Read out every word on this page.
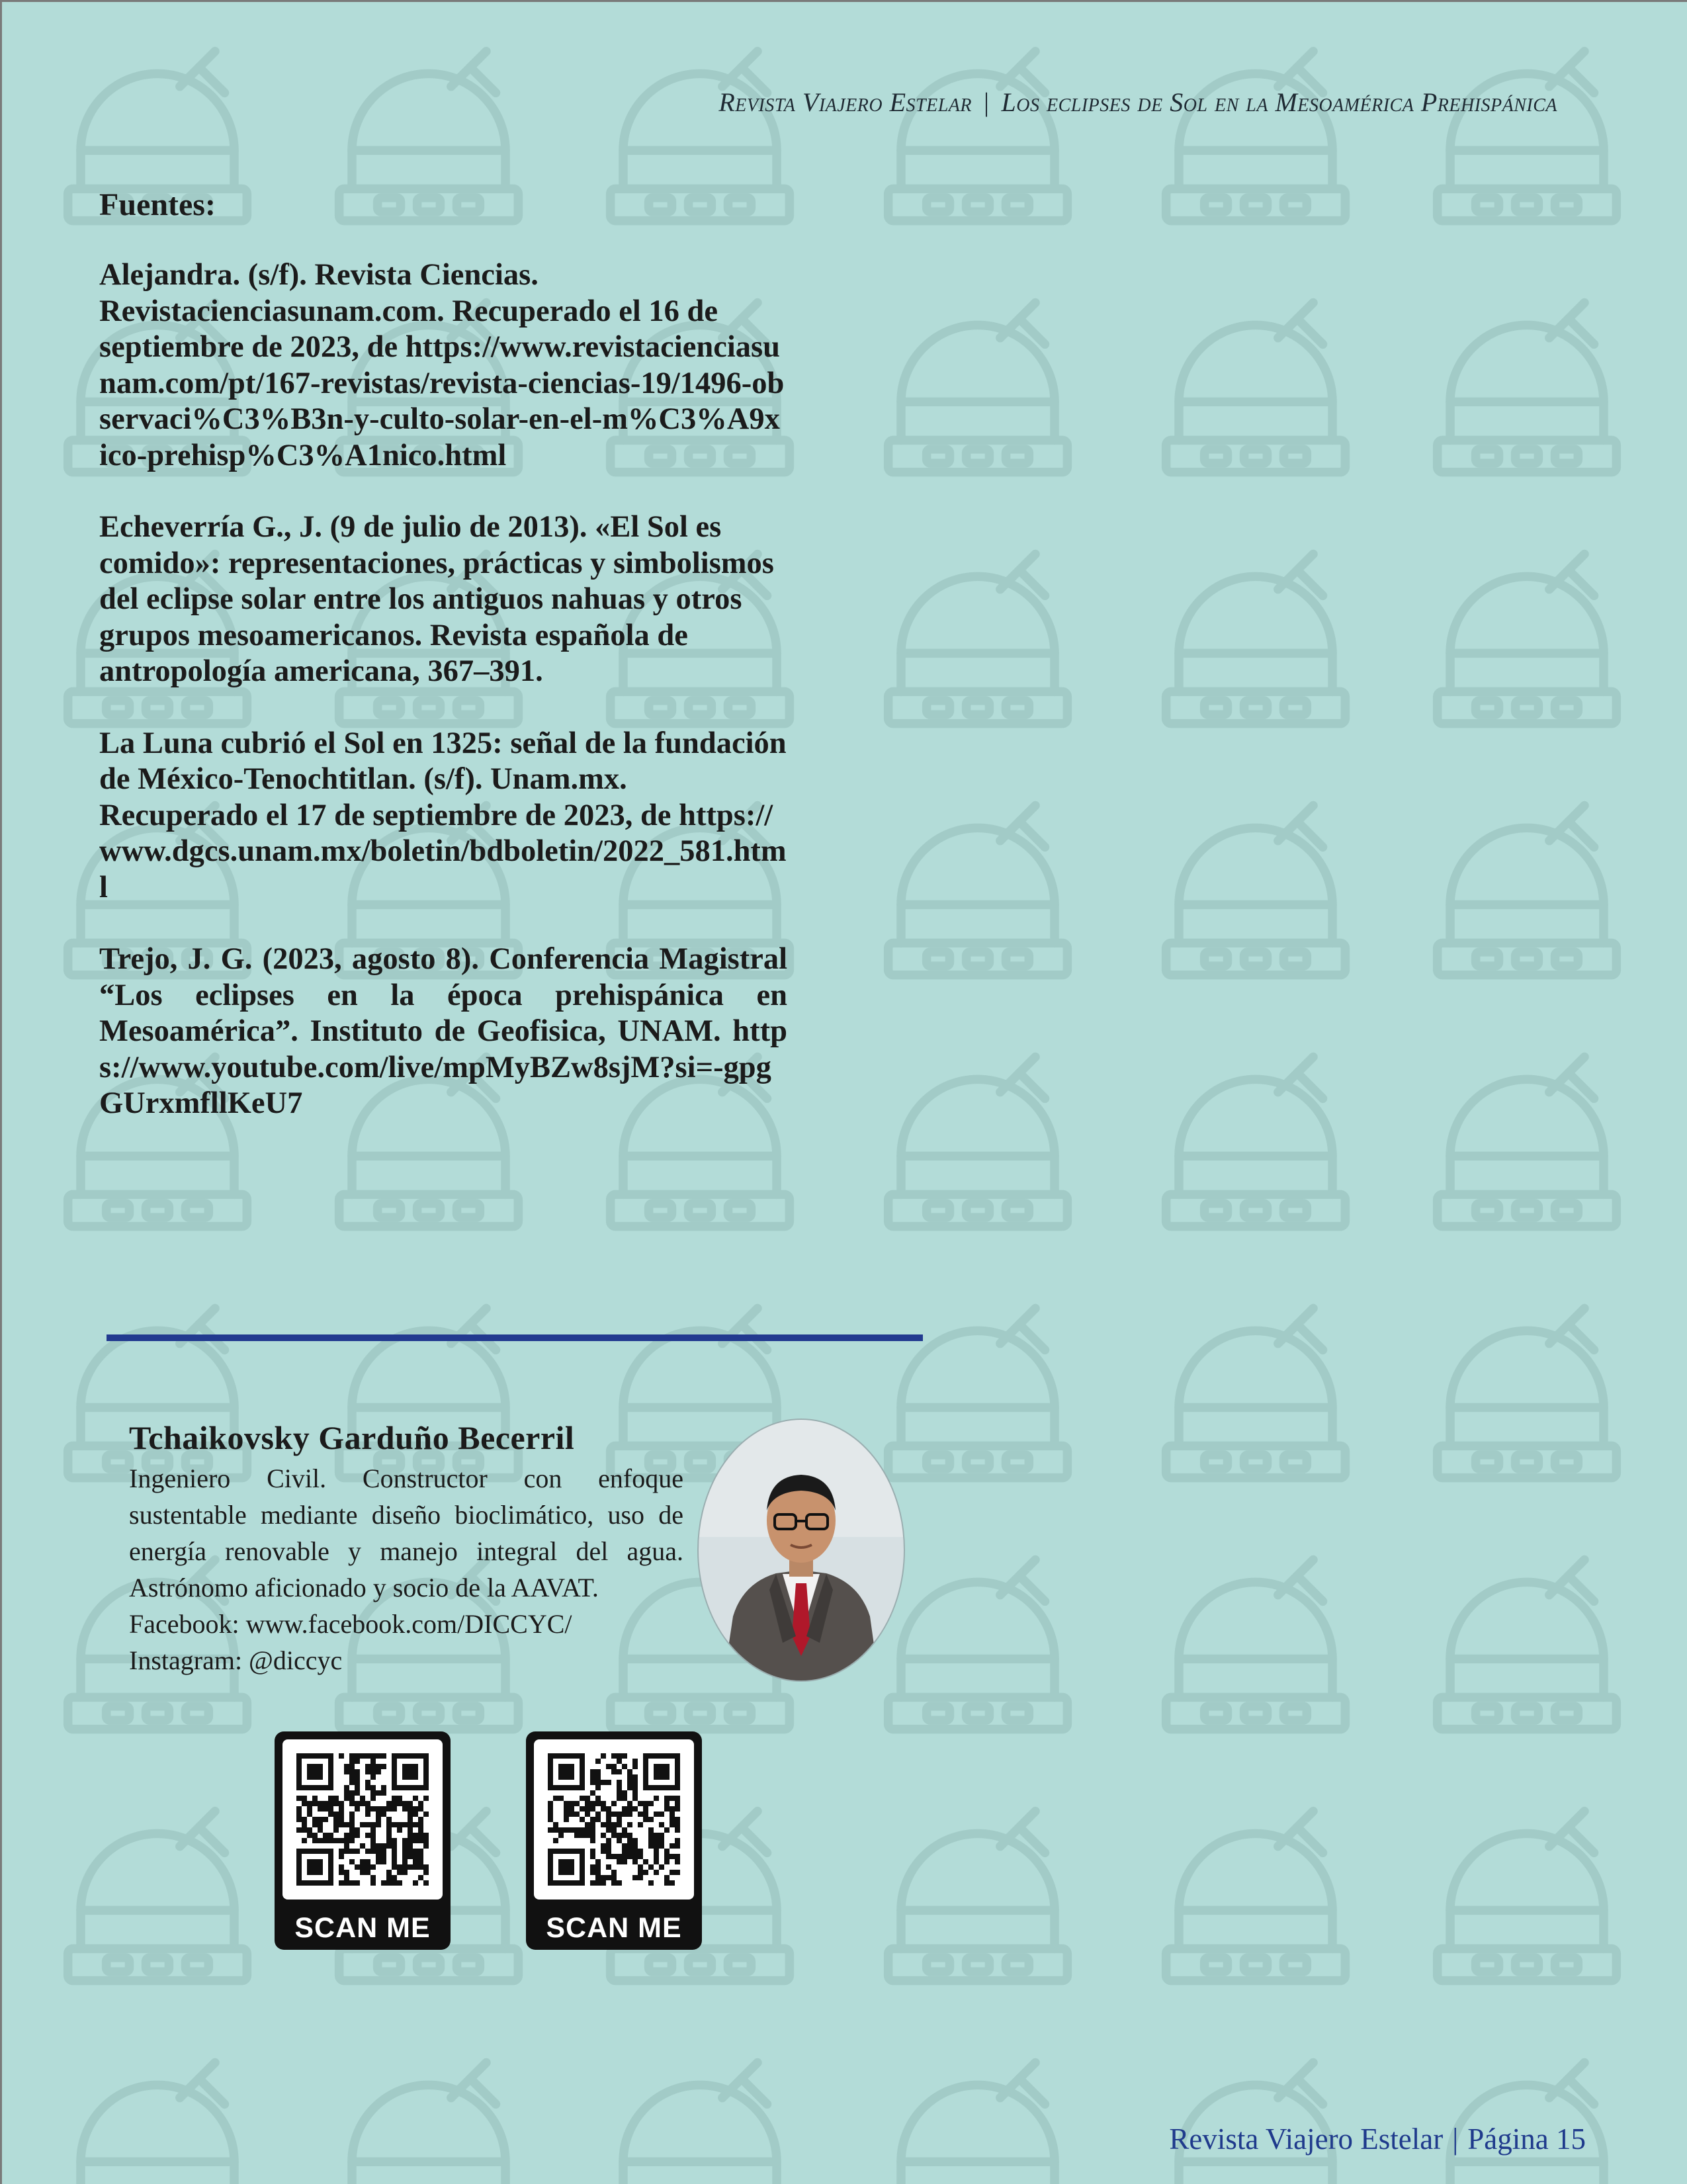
Revista Viajero Estelar | Los eclipses de Sol en la Mesoamérica Prehispánica

Fuentes:

Alejandra. (s/f). Revista Ciencias. Revistacienciasunam.com. Recuperado el 16 de septiembre de 2023, de https://www.revistacienciasunam.com/pt/167-revistas/revista-ciencias-19/1496-observaci%C3%B3n-y-culto-solar-en-el-m%C3%A9xico-prehisp%C3%A1nico.html

Echeverría G., J. (9 de julio de 2013). «El Sol es comido»: representaciones, prácticas y simbolismos del eclipse solar entre los antiguos nahuas y otros grupos mesoamericanos. Revista española de antropología americana, 367–391.

La Luna cubrió el Sol en 1325: señal de la fundación de México-Tenochtitlan. (s/f). Unam.mx. Recuperado el 17 de septiembre de 2023, de https://www.dgcs.unam.mx/boletin/bdboletin/2022_581.html

Trejo, J. G. (2023, agosto 8). Conferencia Magistral “Los eclipses en la época prehispánica en Mesoamérica”. Instituto de Geofisica, UNAM. https://www.youtube.com/live/mpMyBZw8sjM?si=-gpgGUrxmfllKeU7

Tchaikovsky Garduño Becerril

Ingeniero Civil. Constructor con enfoque sustentable mediante diseño bioclimático, uso de energía renovable y manejo integral del agua. Astrónomo aficionado y socio de la AAVAT.

Facebook: www.facebook.com/DICCYC/

Instagram: @diccyc

SCAN ME	SCAN ME
Revista Viajero Estelar | Página 15
